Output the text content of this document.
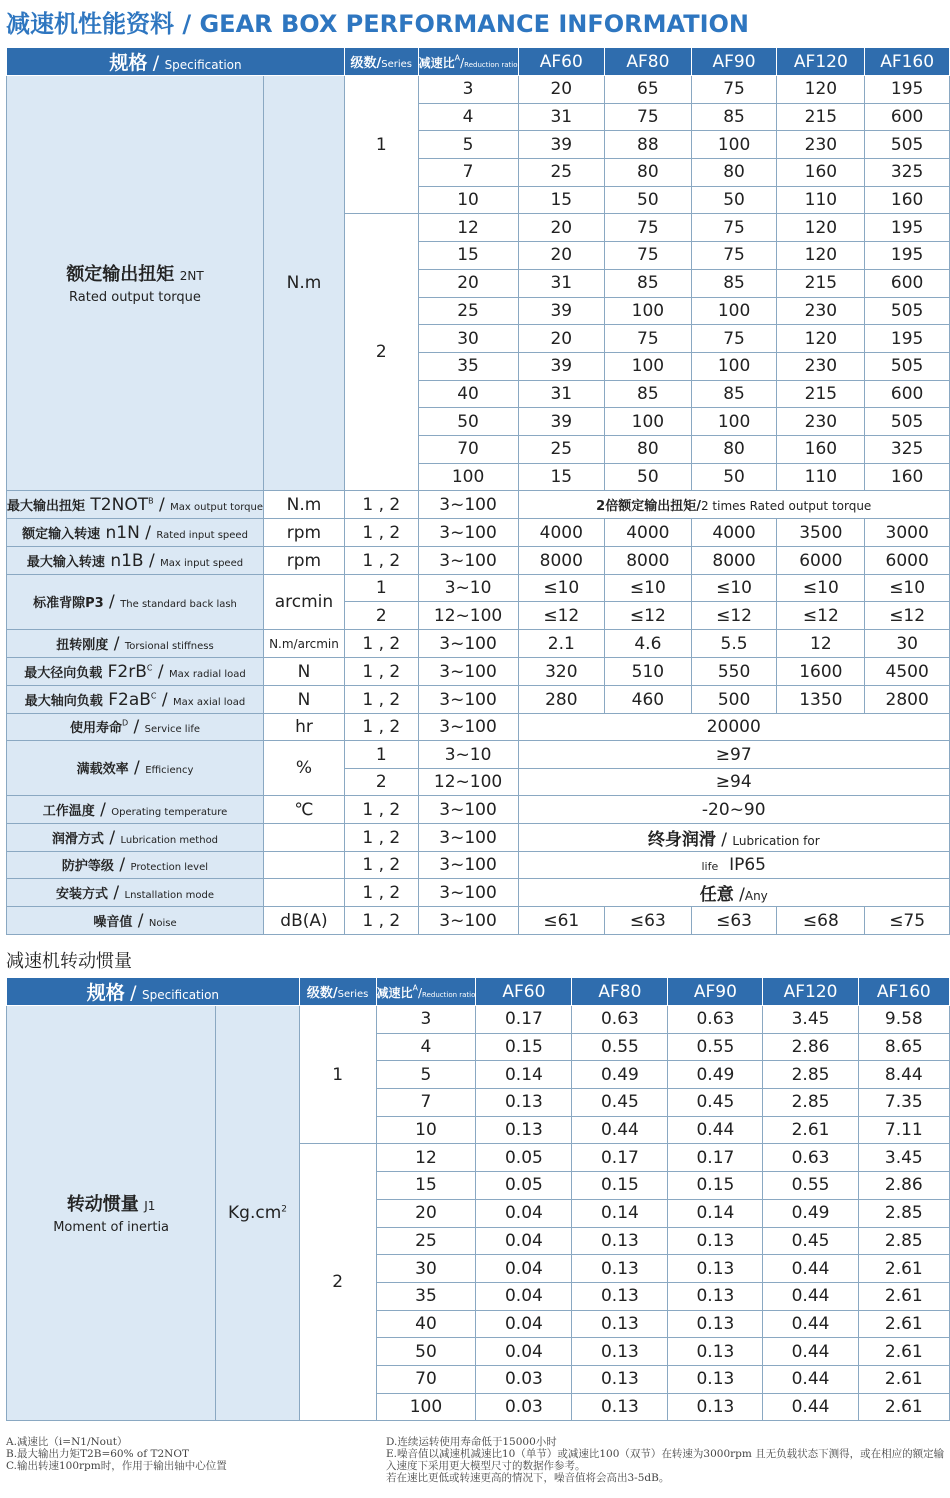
减速机性能资料 / GEAR BOX PERFORMANCE INFORMATION
规格 / Specification		级数/Series	减速比$^A$/Reduction ratio	AF60	AF80	AF90	AF120	AF160
额定输出扭矩 2NT
Rated output torque	N.m	1	3	20	65	75	120	195
			4	31	75	85	215	600
			5	39	88	100	230	505
			7	25	80	80	160	325
			10	15	50	50	110	160
		2	12	20	75	75	120	195
			15	20	75	75	120	195
			20	31	85	85	215	600
			25	39	100	100	230	505
			30	20	75	75	120	195
			35	39	100	100	230	505
			40	31	85	85	215	600
			50	39	100	100	230	505
			70	25	80	80	160	325
			100	15	50	50	110	160
最大输出扭矩 $T2NOT^B$ / Max output torque	N.m	1 , 2	3~100	2倍额定输出扭矩/2 times Rated output torque				
额定输入转速 n1N / Rated input speed	rpm	1 , 2	3~100	4000	4000	4000	3500	3000
最大输入转速 n1B / Max input speed	rpm	1 , 2	3~100	8000	8000	8000	6000	6000
标准背隙P3 / The standard back lash	arcmin	1	3~10	≤10	≤10	≤10	≤10	≤10
		2	12~100	≤12	≤12	≤12	≤12	≤12
扭转刚度 / Torsional stiffness	N.m/arcmin	1 , 2	3~100	2.1	4.6	5.5	12	30
最大径向负载 $F2rB^C$ / Max radial load	N	1 , 2	3~100	320	510	550	1600	4500
最大轴向负载 $F2aB^C$ / Max axial load	N	1 , 2	3~100	280	460	500	1350	2800
使用寿命$^D$ / Service life	hr	1 , 2	3~100	20000				
满载效率 / Efficiency	%	1	3~10	≥97				
		2	12~100	≥94				
工作温度 / Operating temperature	℃	1 , 2	3~100	-20~90				
润滑方式 / Lubrication method		1 , 2	3~100	终身润滑 / Lubrication for				
防护等级 / Protection level		1 , 2	3~100	life IP65				
安装方式 / Lnstallation mode		1 , 2	3~100	任意 /Any				
噪音值 / Noise	dB(A)	1 , 2	3~100	≤61	≤63	≤63	≤68	≤75
减速机转动惯量
规格 / Specification		级数/Series	减速比$^A$/Reduction ratio	AF60	AF80	AF90	AF120	AF160
转动惯量 J1
Moment of inertia	$Kg.cm^2$	1	3	0.17	0.63	0.63	3.45	9.58
			4	0.15	0.55	0.55	2.86	8.65
			5	0.14	0.49	0.49	2.85	8.44
			7	0.13	0.45	0.45	2.85	7.35
			10	0.13	0.44	0.44	2.61	7.11
		2	12	0.05	0.17	0.17	0.63	3.45
			15	0.05	0.15	0.15	0.55	2.86
			20	0.04	0.14	0.14	0.49	2.85
			25	0.04	0.13	0.13	0.45	2.85
			30	0.04	0.13	0.13	0.44	2.61
			35	0.04	0.13	0.13	0.44	2.61
			40	0.04	0.13	0.13	0.44	2.61
			50	0.04	0.13	0.13	0.44	2.61
			70	0.03	0.13	0.13	0.44	2.61
			100	0.03	0.13	0.13	0.44	2.61
A.减速比（i=N1/Nout）
B.最大输出力矩T2B=60% of T2NOT
C.输出转速100rpm时，作用于输出轴中心位置
D.连续运转使用寿命低于15000小时
E.噪音值以减速机减速比10（单节）或减速比100（双节）在转速为3000rpm 且无负载状态下测得，或在相应的额定输入速度下采用更大模型尺寸的数据作参考。
若在速比更低或转速更高的情况下，噪音值将会高出3-5dB。
